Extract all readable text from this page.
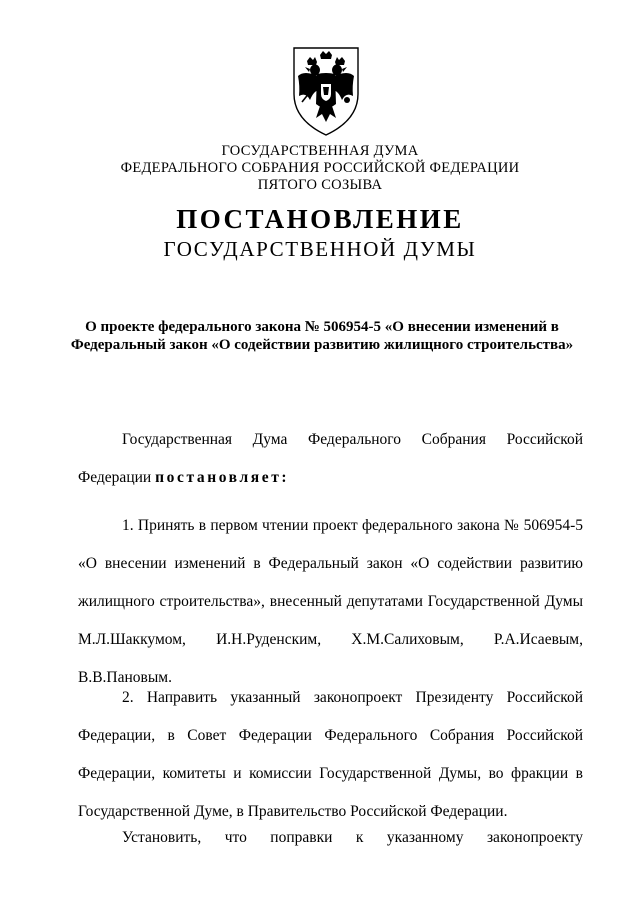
ГОСУДАРСТВЕННАЯ ДУМА
ФЕДЕРАЛЬНОГО СОБРАНИЯ РОССИЙСКОЙ ФЕДЕРАЦИИ
ПЯТОГО СОЗЫВА
ПОСТАНОВЛЕНИЕ
ГОСУДАРСТВЕННОЙ ДУМЫ
О проекте федерального закона № 506954-5 «О внесении изменений в Федеральный закон «О содействии развитию жилищного строительства»
Государственная Дума Федерального Собрания Российской Федерации постановляет:
1. Принять в первом чтении проект федерального закона № 506954-5 «О внесении изменений в Федеральный закон «О содействии развитию жилищного строительства», внесенный депутатами Государственной Думы М.Л.Шаккумом, И.Н.Руденским, Х.М.Салиховым, Р.А.Исаевым, В.В.Пановым.
2. Направить указанный законопроект Президенту Российской Федерации, в Совет Федерации Федерального Собрания Российской Федерации, комитеты и комиссии Государственной Думы, во фракции в Государственной Думе, в Правительство Российской Федерации.
Установить, что поправки к указанному законопроекту
